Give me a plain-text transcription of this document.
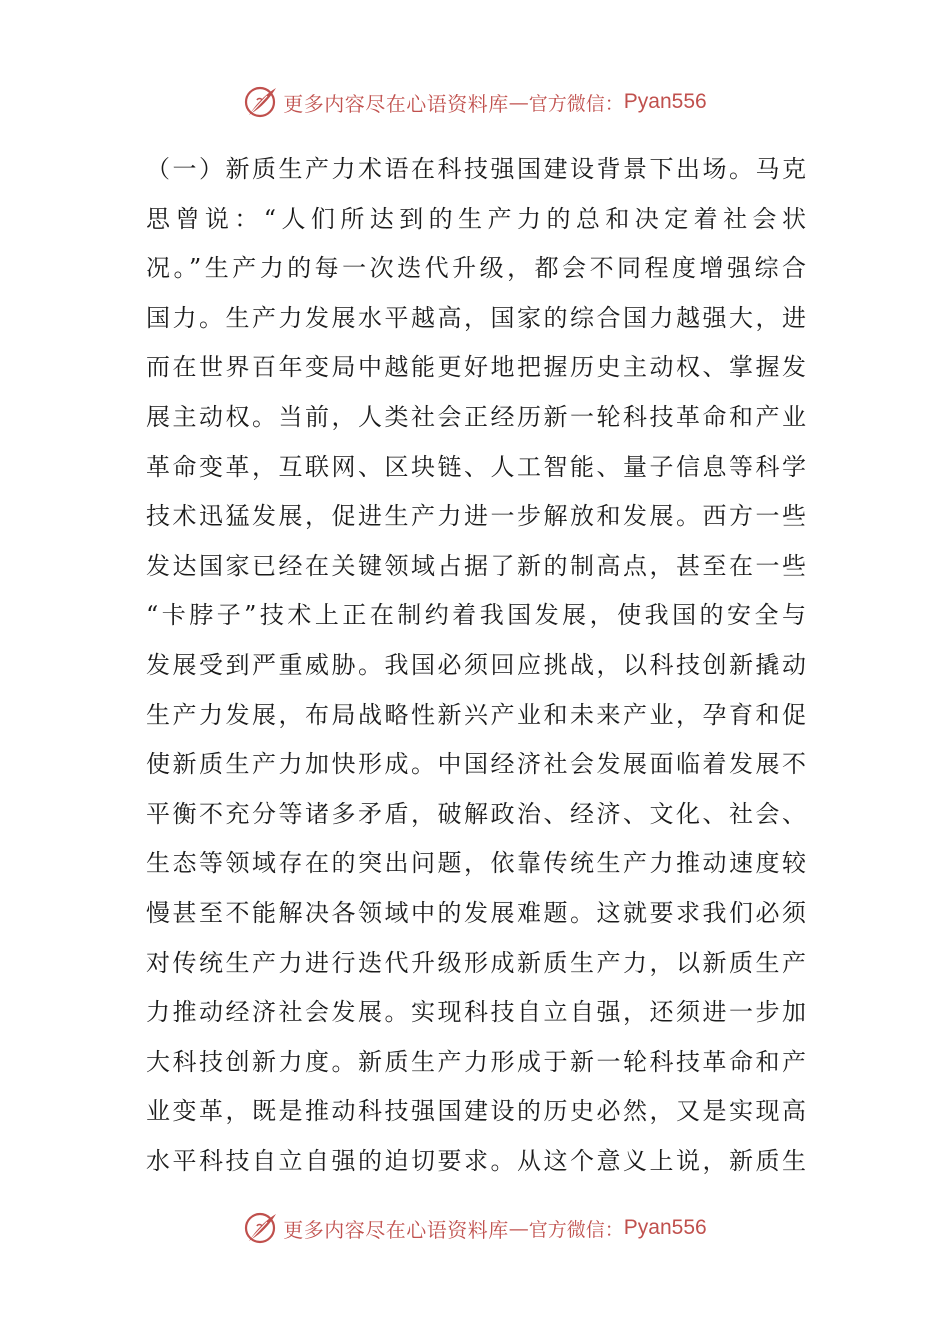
更多内容尽在心语资料库 — 官方微信： Pyan556
（一）新质生产力术语在科技强国建设背景下出场。马克
思曾说：“人们所达到的生产力的总和决定着社会状
况。”生产力的每一次迭代升级，都会不同程度增强综合
国力。生产力发展水平越高，国家的综合国力越强大，进
而在世界百年变局中越能更好地把握历史主动权、掌握发
展主动权。当前，人类社会正经历新一轮科技革命和产业
革命变革，互联网、区块链、人工智能、量子信息等科学
技术迅猛发展，促进生产力进一步解放和发展。西方一些
发达国家已经在关键领域占据了新的制高点，甚至在一些
“卡脖子”技术上正在制约着我国发展，使我国的安全与
发展受到严重威胁。我国必须回应挑战，以科技创新撬动
生产力发展，布局战略性新兴产业和未来产业，孕育和促
使新质生产力加快形成。中国经济社会发展面临着发展不
平衡不充分等诸多矛盾，破解政治、经济、文化、社会、
生态等领域存在的突出问题，依靠传统生产力推动速度较
慢甚至不能解决各领域中的发展难题。这就要求我们必须
对传统生产力进行迭代升级形成新质生产力，以新质生产
力推动经济社会发展。实现科技自立自强，还须进一步加
大科技创新力度。新质生产力形成于新一轮科技革命和产
业变革，既是推动科技强国建设的历史必然，又是实现高
水平科技自立自强的迫切要求。从这个意义上说，新质生
更多内容尽在心语资料库 — 官方微信： Pyan556
